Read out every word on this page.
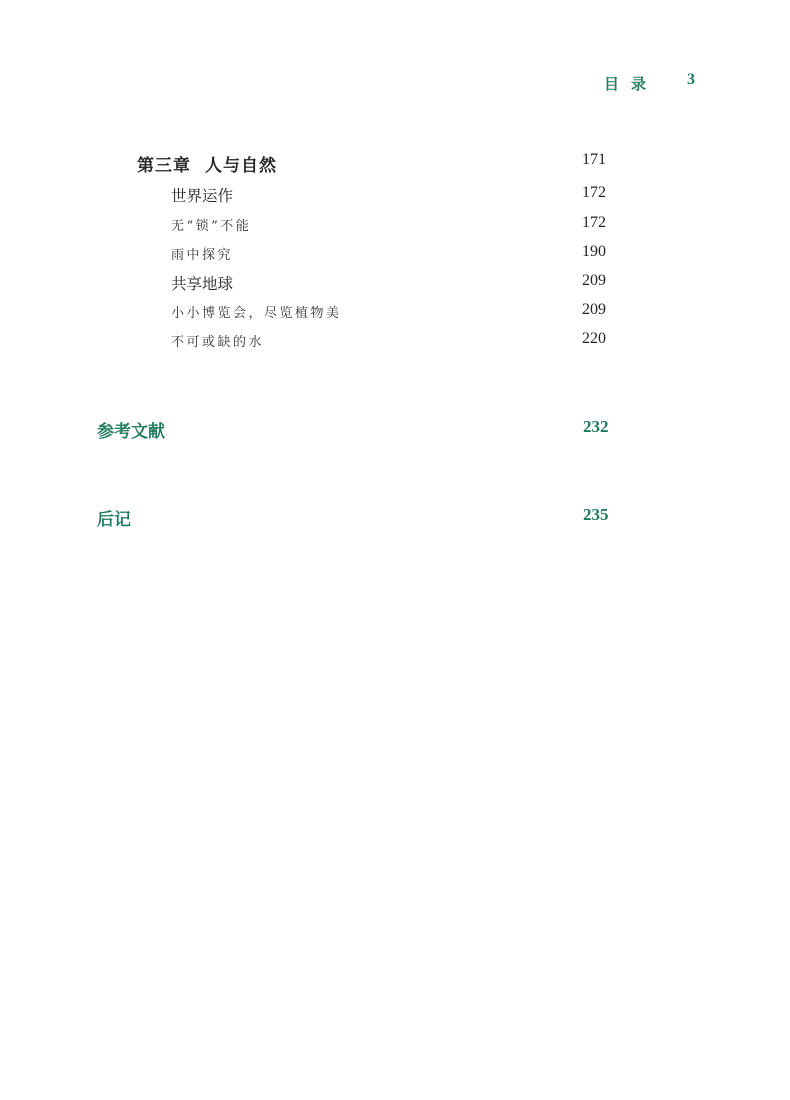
目录 3
第三章 人与自然	171
世界运作	172
无“锁”不能	172
雨中探究	190
共享地球	209
小小博览会，尽览植物美	209
不可或缺的水	220
参考文献	232
后记	235
